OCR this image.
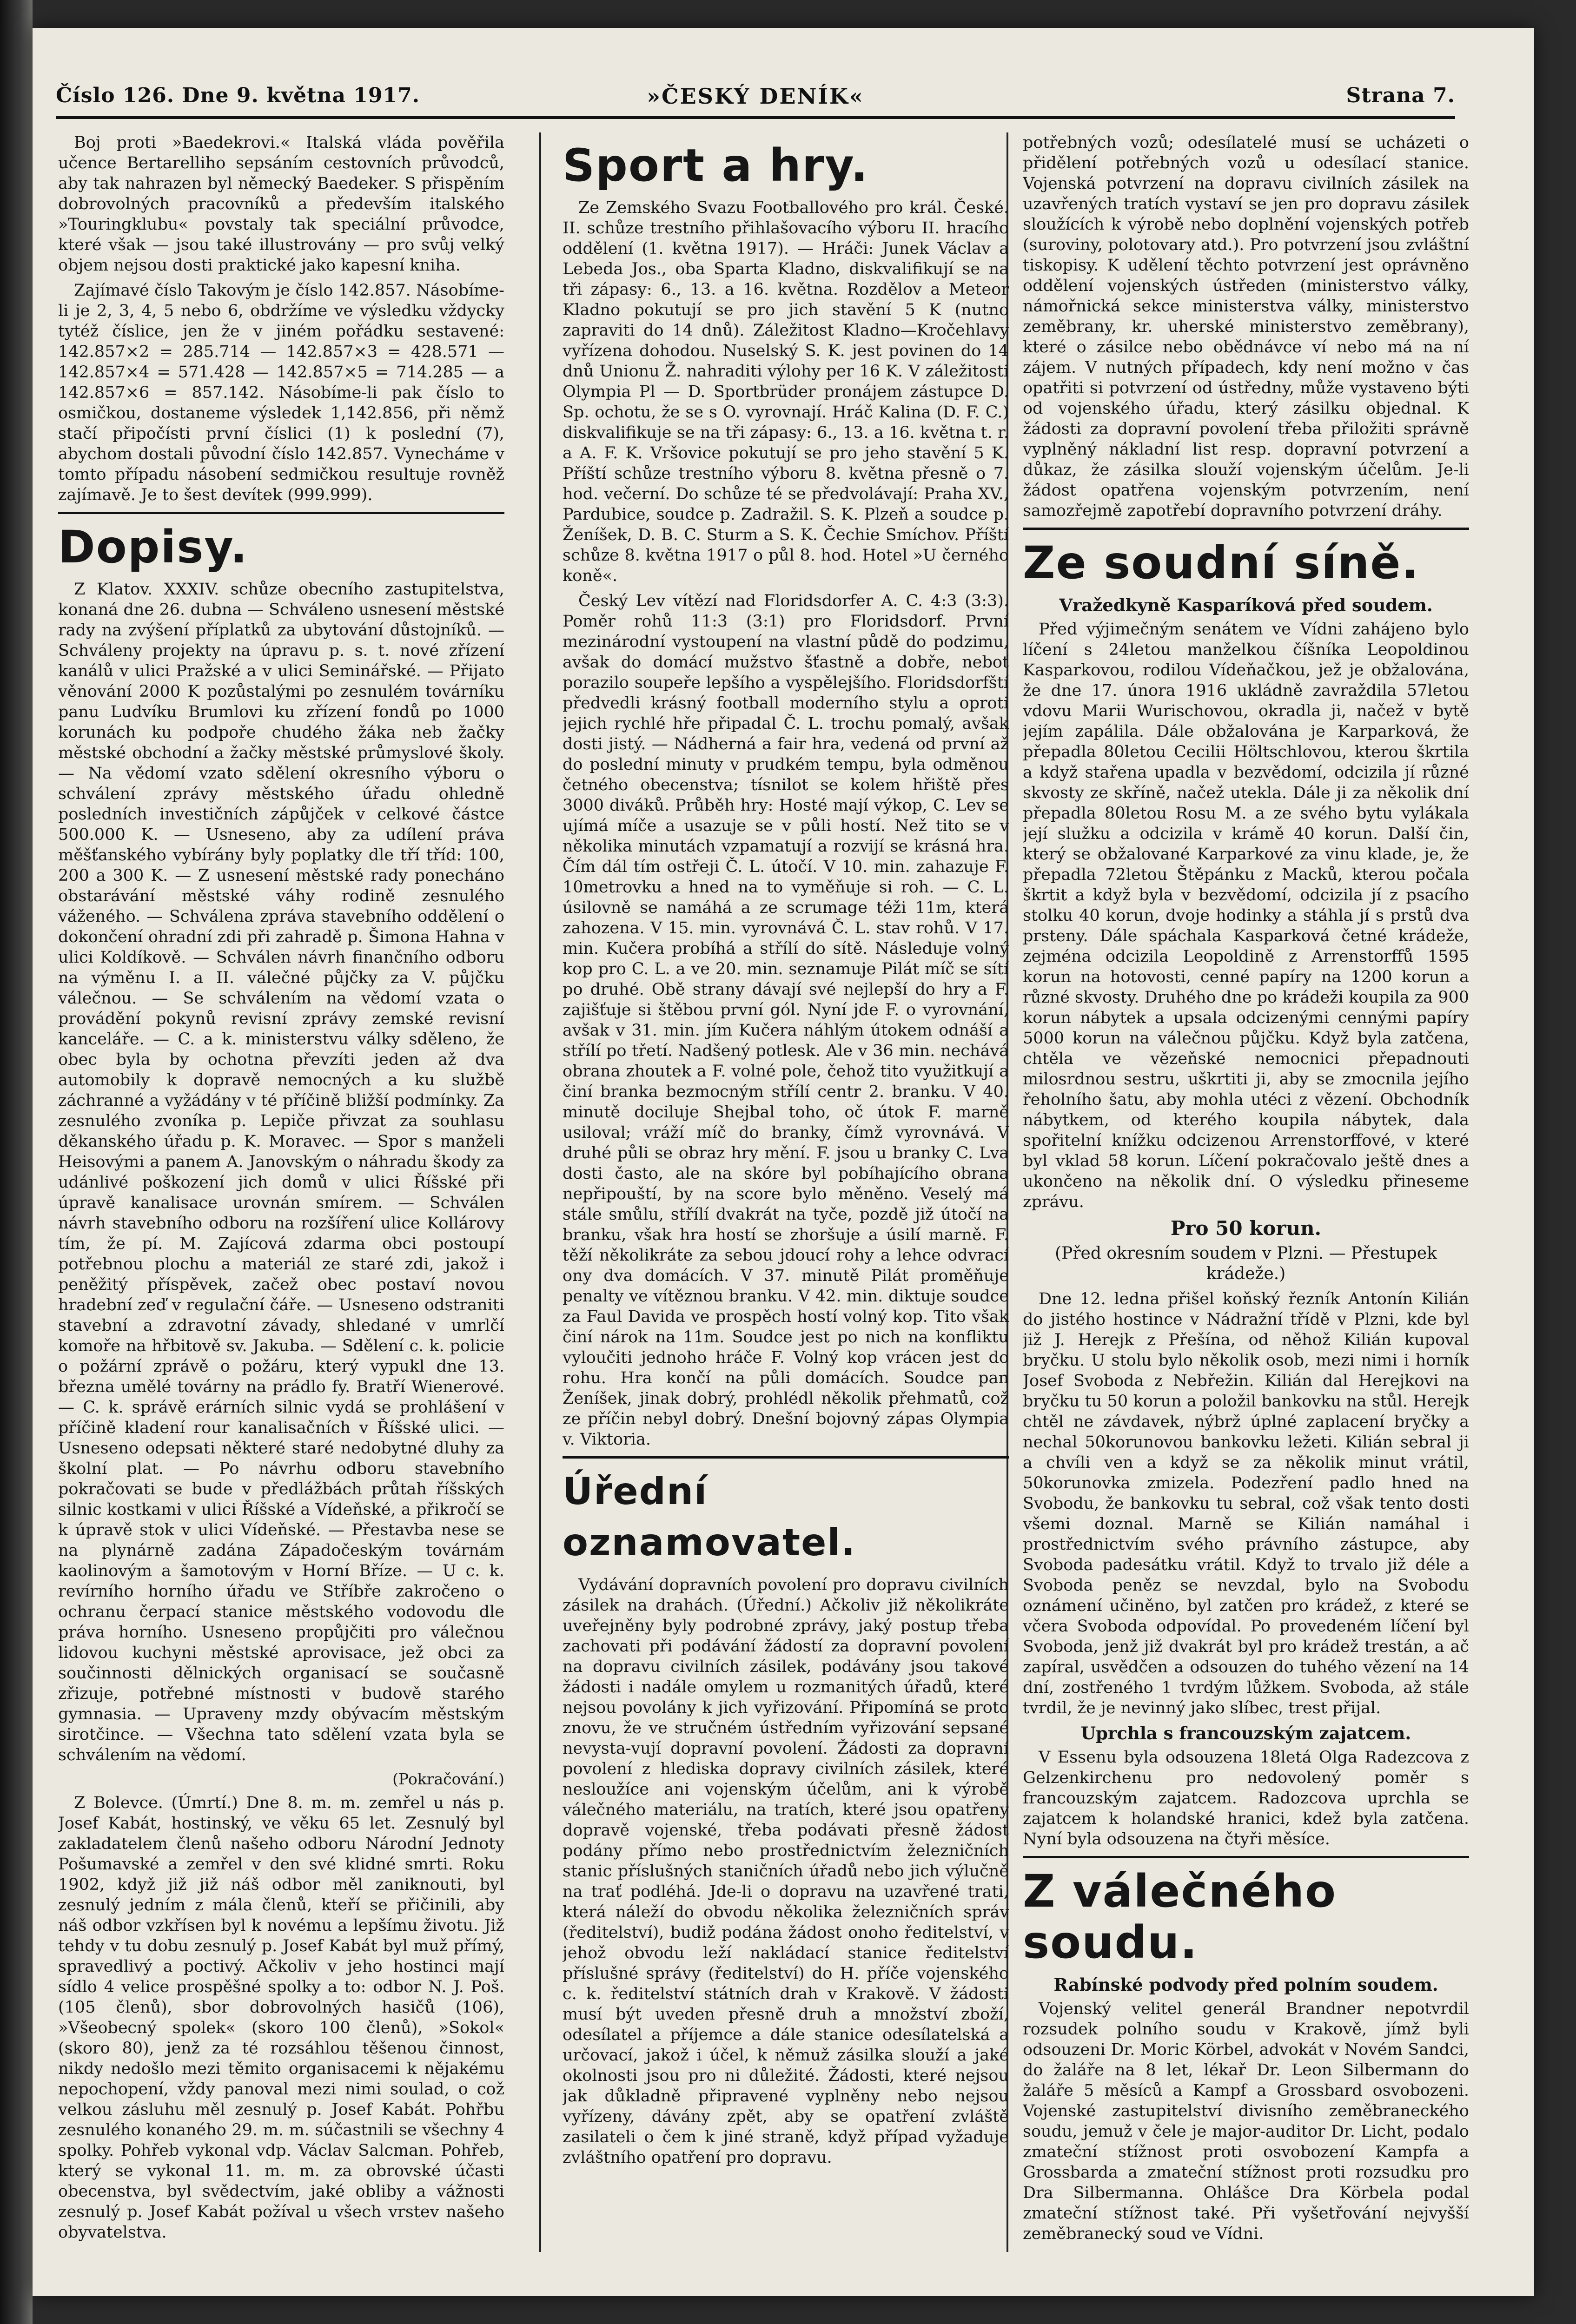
Číslo 126. Dne 9. května 1917.	»ČESKÝ DENÍK«	Strana 7.

Boj proti »Baedekrovi.« Italská vláda pověřila učence Bertarelliho sepsáním cestovních průvodců, aby tak nahrazen byl německý Baedeker. S přispěním dobrovolných pracovníků a především italského »Touringklubu« povstaly tak speciální průvodce, které však — jsou také illustrovány — pro svůj velký objem nejsou dosti praktické jako kapesní kniha.

Zajímavé číslo Takovým je číslo 142.857. Násobíme-li je 2, 3, 4, 5 nebo 6, obdržíme ve výsledku vždycky tytéž číslice, jen že v jiném pořádku sestavené: 142.857×2 = 285.714 — 142.857×3 = 428.571 — 142.857×4 = 571.428 — 142.857×5 = 714.285 — a 142.857×6 = 857.142. Násobíme-li pak číslo to osmičkou, dostaneme výsledek 1,142.856, při němž stačí připočísti první číslici (1) k poslední (7), abychom dostali původní číslo 142.857. Vynecháme v tomto případu násobení sedmičkou resultuje rovněž zajímavě. Je to šest devítek (999.999).

Dopisy.

Z Klatov. XXXIV. schůze obecního zastupitelstva, konaná dne 26. dubna — Schváleno usnesení městské rady na zvýšení příplatků za ubytování důstojníků. — Schváleny projekty na úpravu p. s. t. nové zřízení kanálů v ulici Pražské a v ulici Seminářské. — Přijato věnování 2000 K pozůstalými po zesnulém továrníku panu Ludvíku Brumlovi ku zřízení fondů po 1000 korunách ku podpoře chudého žáka neb žačky městské obchodní a žačky městské průmyslové školy. — Na vědomí vzato sdělení okresního výboru o schválení zprávy městského úřadu ohledně posledních investičních zápůjček v celkové částce 500.000 K. — Usneseno, aby za udílení práva měšťanského vybírány byly poplatky dle tří tříd: 100, 200 a 300 K. — Z usnesení městské rady ponecháno obstarávání městské váhy rodině zesnulého váženého. — Schválena zpráva stavebního oddělení o dokončení ohradní zdi při zahradě p. Šimona Hahna v ulici Koldíkově. — Schválen návrh finančního odboru na výměnu I. a II. válečné půjčky za V. půjčku válečnou. — Se schválením na vědomí vzata o provádění pokynů revisní zprávy zemské revisní kanceláře. — C. a k. ministerstvu války sděleno, že obec byla by ochotna převzíti jeden až dva automobily k dopravě nemocných a ku službě záchranné a vyžádány v té příčině bližší podmínky. Za zesnulého zvoníka p. Lepiče přivzat za souhlasu děkanského úřadu p. K. Moravec. — Spor s manželi Heisovými a panem A. Janovským o náhradu škody za udánlivé poškození jich domů v ulici Říšské při úpravě kanalisace urovnán smírem. — Schválen návrh stavebního odboru na rozšíření ulice Kollárovy tím, že pí. M. Zajícová zdarma obci postoupí potřebnou plochu a materiál ze staré zdi, jakož i peněžitý příspěvek, začež obec postaví novou hradební zeď v regulační čáře. — Usneseno odstraniti stavební a zdravotní závady, shledané v umrlčí komoře na hřbitově sv. Jakuba. — Sdělení c. k. policie o požární zprávě o požáru, který vypukl dne 13. března umělé továrny na prádlo fy. Bratří Wienerové. — C. k. správě erárních silnic vydá se prohlášení v příčině kladení rour kanalisačních v Říšské ulici. — Usneseno odepsati některé staré nedobytné dluhy za školní plat. — Po návrhu odboru stavebního pokračovati se bude v předlážbách průtah říšských silnic kostkami v ulici Říšské a Vídeňské, a přikročí se k úpravě stok v ulici Vídeňské. — Přestavba nese se na plynárně zadána Západočeským továrnám kaolinovým a šamotovým v Horní Bříze. — U c. k. revírního horního úřadu ve Stříbře zakročeno o ochranu čerpací stanice městského vodovodu dle práva horního. Usneseno propůjčiti pro válečnou lidovou kuchyni městské aprovisace, jež obci za součinnosti dělnických organisací se současně zřizuje, potřebné místnosti v budově starého gymnasia. — Upraveny mzdy obývacím městským sirotčince. — Všechna tato sdělení vzata byla se schválením na vědomí.

(Pokračování.)

Z Bolevce. (Úmrtí.) Dne 8. m. m. zemřel u nás p. Josef Kabát, hostinský, ve věku 65 let. Zesnulý byl zakladatelem členů našeho odboru Národní Jednoty Pošumavské a zemřel v den své klidné smrti. Roku 1902, když již již náš odbor měl zaniknouti, byl zesnulý jedním z mála členů, kteří se přičinili, aby náš odbor vzkřísen byl k novému a lepšímu životu. Již tehdy v tu dobu zesnulý p. Josef Kabát byl muž přímý, spravedlivý a poctivý. Ačkoliv v jeho hostinci mají sídlo 4 velice prospěšné spolky a to: odbor N. J. Poš. (105 členů), sbor dobrovolných hasičů (106), »Všeobecný spolek« (skoro 100 členů), »Sokol« (skoro 80), jenž za té rozsáhlou těšenou činnost, nikdy nedošlo mezi těmito organisacemi k nějakému nepochopení, vždy panoval mezi nimi soulad, o což velkou zásluhu měl zesnulý p. Josef Kabát. Pohřbu zesnulého konaného 29. m. m. súčastnili se všechny 4 spolky. Pohřeb vykonal vdp. Václav Salcman. Pohřeb, který se vykonal 11. m. m. za obrovské účasti obecenstva, byl svědectvím, jaké obliby a vážnosti zesnulý p. Josef Kabát požíval u všech vrstev našeho obyvatelstva.

Sport a hry.

Ze Zemského Svazu Footballového pro král. České. II. schůze trestního přihlašovacího výboru II. hracího oddělení (1. května 1917). — Hráči: Junek Václav a Lebeda Jos., oba Sparta Kladno, diskvalifikují se na tři zápasy: 6., 13. a 16. května. Rozdělov a Meteor Kladno pokutují se pro jich stavění 5 K (nutno zapraviti do 14 dnů). Záležitost Kladno—Kročehlavy vyřízena dohodou. Nuselský S. K. jest povinen do 14 dnů Unionu Ž. nahraditi výlohy per 16 K. V záležitosti Olympia Pl — D. Sportbrüder pronájem zástupce D. Sp. ochotu, že se s O. vyrovnají. Hráč Kalina (D. F. C.) diskvalifikuje se na tři zápasy: 6., 13. a 16. května t. r. a A. F. K. Vršovice pokutují se pro jeho stavění 5 K. Příští schůze trestního výboru 8. května přesně o 7. hod. večerní. Do schůze té se předvolávají: Praha XV., Pardubice, soudce p. Zadražil. S. K. Plzeň a soudce p. Ženíšek, D. B. C. Sturm a S. K. Čechie Smíchov. Příští schůze 8. května 1917 o půl 8. hod. Hotel »U černého koně«.

Český Lev vítězí nad Floridsdorfer A. C. 4:3 (3:3). Poměr rohů 11:3 (3:1) pro Floridsdorf. První mezinárodní vystoupení na vlastní půdě do podzimu, avšak do domácí mužstvo šťastně a dobře, neboť porazilo soupeře lepšího a vyspělejšího. Floridsdorfští předvedli krásný football moderního stylu a oproti jejich rychlé hře připadal Č. L. trochu pomalý, avšak dosti jistý. — Nádherná a fair hra, vedená od první až do poslední minuty v prudkém tempu, byla odměnou četného obecenstva; tísnilot se kolem hřiště přes 3000 diváků. Průběh hry: Hosté mají výkop, C. Lev se ujímá míče a usazuje se v půli hostí. Než tito se v několika minutách vzpamatují a rozvijí se krásná hra. Čím dál tím ostřeji Č. L. útočí. V 10. min. zahazuje F. 10metrovku a hned na to vyměňuje si roh. — C. L. úsilovně se namáhá a ze scrumage téži 11m, která zahozena. V 15. min. vyrovnává Č. L. stav rohů. V 17. min. Kučera probíhá a střílí do sítě. Následuje volný kop pro C. L. a ve 20. min. seznamuje Pilát míč se sítí po druhé. Obě strany dávají své nejlepší do hry a F. zajišťuje si štěbou první gól. Nyní jde F. o vyrovnání, avšak v 31. min. jím Kučera náhlým útokem odnáší a střílí po třetí. Nadšený potlesk. Ale v 36 min. nechává obrana zhoutek a F. volné pole, čehož tito využitkují a činí branka bezmocným střílí centr 2. branku. V 40. minutě dociluje Shejbal toho, oč útok F. marně usiloval; vráží míč do branky, čímž vyrovnává. V druhé půli se obraz hry mění. F. jsou u branky C. Lva dosti často, ale na skóre byl pobíhajícího obrana nepřipouští, by na score bylo měněno. Veselý má stále smůlu, střílí dvakrát na tyče, pozdě již útočí na branku, však hra hostí se zhoršuje a úsilí marně. F. těží několikráte za sebou jdoucí rohy a lehce odvrací ony dva domácích. V 37. minutě Pilát proměňuje penalty ve vítěznou branku. V 42. min. diktuje soudce za Faul Davida ve prospěch hostí volný kop. Tito však činí nárok na 11m. Soudce jest po nich na konfliktu vyloučiti jednoho hráče F. Volný kop vrácen jest do rohu. Hra končí na půli domácích. Soudce pan Ženíšek, jinak dobrý, prohlédl několik přehmatů, což ze příčin nebyl dobrý. Dnešní bojovný zápas Olympia v. Viktoria.

Úřední oznamovatel.

Vydávání dopravních povolení pro dopravu civilních zásilek na drahách. (Úřední.) Ačkoliv již několikráte uveřejněny byly podrobné zprávy, jaký postup třeba zachovati při podávání žádostí za dopravní povolení na dopravu civilních zásilek, podávány jsou takové žádosti i nadále omylem u rozmanitých úřadů, které nejsou povolány k jich vyřizování. Připomíná se proto znovu, že ve stručném ústředním vyřizování sepsané nevysta-vují dopravní povolení. Žádosti za dopravní povolení z hlediska dopravy civilních zásilek, které nesloužíce ani vojenským účelům, ani k výrobě válečného materiálu, na tratích, které jsou opatřeny dopravě vojenské, třeba podávati přesně žádost podány přímo nebo prostřednictvím železničních stanic příslušných staničních úřadů nebo jich výlučně na trať podléhá. Jde-li o dopravu na uzavřené trati, která náleží do obvodu několika železničních správ (ředitelství), budiž podána žádost onoho ředitelství, v jehož obvodu leží nakládací stanice ředitelství příslušné správy (ředitelství) do H. příče vojenského c. k. ředitelství státních drah v Krakově. V žádosti musí být uveden přesně druh a množství zboží, odesílatel a příjemce a dále stanice odesílatelská a určovací, jakož i účel, k němuž zásilka slouží a jaké okolnosti jsou pro ni důležité. Žádosti, které nejsou jak důkladně připravené vyplněny nebo nejsou vyřízeny, dávány zpět, aby se opatření zvláště zasilateli o čem k jiné straně, když případ vyžaduje zvláštního opatření pro dopravu.

potřebných vozů; odesílatelé musí se ucházeti o přidělení potřebných vozů u odesílací stanice. Vojenská potvrzení na dopravu civilních zásilek na uzavřených tratích vystaví se jen pro dopravu zásilek sloužících k výrobě nebo doplnění vojenských potřeb (suroviny, polotovary atd.). Pro potvrzení jsou zvláštní tiskopisy. K udělení těchto potvrzení jest oprávněno oddělení vojenských ústředen (ministerstvo války, námořnická sekce ministerstva války, ministerstvo zeměbrany, kr. uherské ministerstvo zeměbrany), které o zásilce nebo obědnávce ví nebo má na ní zájem. V nutných případech, kdy není možno v čas opatřiti si potvrzení od ústředny, může vystaveno býti od vojenského úřadu, který zásilku objednal. K žádosti za dopravní povolení třeba přiložiti správně vyplněný nákladní list resp. dopravní potvrzení a důkaz, že zásilka slouží vojenským účelům. Je-li žádost opatřena vojenským potvrzením, není samozřejmě zapotřebí dopravního potvrzení dráhy.

Ze soudní síně.
Vražedkyně Kasparíková před soudem.

Před výjimečným senátem ve Vídni zahájeno bylo líčení s 24letou manželkou číšníka Leopoldinou Kasparkovou, rodilou Vídeňačkou, jež je obžalována, že dne 17. února 1916 ukládně zavraždila 57letou vdovu Marii Wurischovou, okradla ji, načež v bytě jejím zapálila. Dále obžalována je Karparková, že přepadla 80letou Cecilii Höltschlovou, kterou škrtila a když stařena upadla v bezvědomí, odcizila jí různé skvosty ze skříně, načež utekla. Dále ji za několik dní přepadla 80letou Rosu M. a ze svého bytu vylákala její služku a odcizila v krámě 40 korun. Další čin, který se obžalované Karparkové za vinu klade, je, že přepadla 72letou Štěpánku z Macků, kterou počala škrtit a když byla v bezvědomí, odcizila jí z psacího stolku 40 korun, dvoje hodinky a stáhla jí s prstů dva prsteny. Dále spáchala Kasparková četné krádeže, zejména odcizila Leopoldině z Arrenstorffů 1595 korun na hotovosti, cenné papíry na 1200 korun a různé skvosty. Druhého dne po krádeži koupila za 900 korun nábytek a upsala odcizenými cennými papíry 5000 korun na válečnou půjčku. Když byla zatčena, chtěla ve vězeňské nemocnici přepadnouti milosrdnou sestru, uškrtiti ji, aby se zmocnila jejího řeholního šatu, aby mohla utéci z vězení. Obchodník nábytkem, od kterého koupila nábytek, dala spořitelní knížku odcizenou Arrenstorffové, v které byl vklad 58 korun. Líčení pokračovalo ještě dnes a ukončeno na několik dní. O výsledku přineseme zprávu.

Pro 50 korun.
(Před okresním soudem v Plzni. — Přestupek krádeže.)

Dne 12. ledna přišel koňský řezník Antonín Kilián do jistého hostince v Nádražní třídě v Plzni, kde byl již J. Herejk z Přešína, od něhož Kilián kupoval bryčku. U stolu bylo několik osob, mezi nimi i horník Josef Svoboda z Nebřežin. Kilián dal Herejkovi na bryčku tu 50 korun a položil bankovku na stůl. Herejk chtěl ne závdavek, nýbrž úplné zaplacení bryčky a nechal 50korunovou bankovku ležeti. Kilián sebral ji a chvíli ven a když se za několik minut vrátil, 50korunovka zmizela. Podezření padlo hned na Svobodu, že bankovku tu sebral, což však tento dosti všemi doznal. Marně se Kilián namáhal i prostřednictvím svého právního zástupce, aby Svoboda padesátku vrátil. Když to trvalo již déle a Svoboda peněz se nevzdal, bylo na Svobodu oznámení učiněno, byl zatčen pro krádež, z které se včera Svoboda odpovídal. Po provedeném líčení byl Svoboda, jenž již dvakrát byl pro krádež trestán, a ač zapíral, usvědčen a odsouzen do tuhého vězení na 14 dní, zostřeného 1 tvrdým lůžkem. Svoboda, až stále tvrdil, že je nevinný jako slíbec, trest přijal.

Uprchla s francouzským zajatcem.

V Essenu byla odsouzena 18letá Olga Radezcova z Gelzenkirchenu pro nedovolený poměr s francouzským zajatcem. Radozcova uprchla se zajatcem k holandské hranici, kdež byla zatčena. Nyní byla odsouzena na čtyři měsíce.

Z válečného soudu.
Rabínské podvody před polním soudem.

Vojenský velitel generál Brandner nepotvrdil rozsudek polního soudu v Krakově, jímž byli odsouzeni Dr. Moric Körbel, advokát v Novém Sandci, do žaláře na 8 let, lékař Dr. Leon Silbermann do žaláře 5 měsíců a Kampf a Grossbard osvobozeni. Vojenské zastupitelství divisního zeměbraneckého soudu, jemuž v čele je major-auditor Dr. Licht, podalo zmateční stížnost proti osvobození Kampfa a Grossbarda a zmateční stížnost proti rozsudku pro Dra Silbermanna. Ohlášce Dra Körbela podal zmateční stížnost také. Při vyšetřování nejvyšší zeměbranecký soud ve Vídni.
